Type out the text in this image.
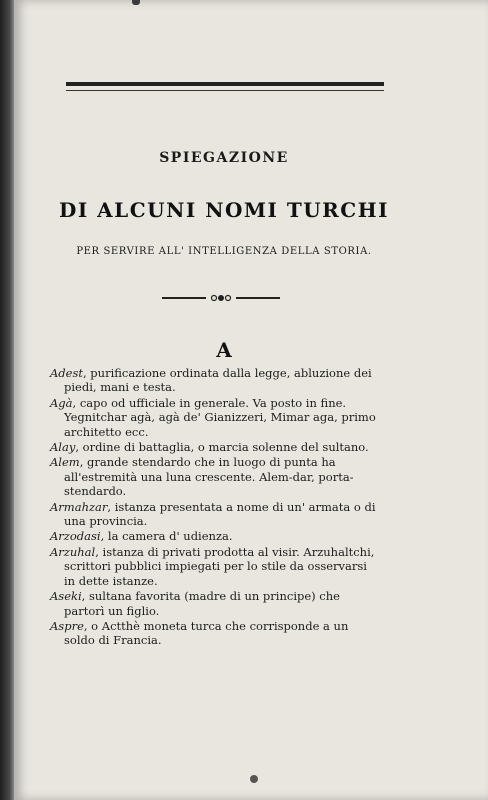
SPIEGAZIONE
DI ALCUNI NOMI TURCHI
PER SERVIRE ALL' INTELLIGENZA DELLA STORIA.
A
Adest, purificazione ordinata dalla legge, abluzione dei piedi, mani e testa.
Agà, capo od ufficiale in generale. Va posto in fine. Yegnitchar agà, agà de' Gianizzeri, Mimar aga, primo architetto ecc.
Alay, ordine di battaglia, o marcia solenne del sultano.
Alem, grande stendardo che in luogo di punta ha all'estremità una luna crescente. Alem-dar, porta-stendardo.
Armahzar, istanza presentata a nome di un' armata o di una provincia.
Arzodasi, la camera d' udienza.
Arzuhal, istanza di privati prodotta al visir. Arzuhaltchi, scrittori pubblici impiegati per lo stile da osservarsi in dette istanze.
Aseki, sultana favorita (madre di un principe) che partorì un figlio.
Aspre, o Actthè moneta turca che corrisponde a un soldo di Francia.
